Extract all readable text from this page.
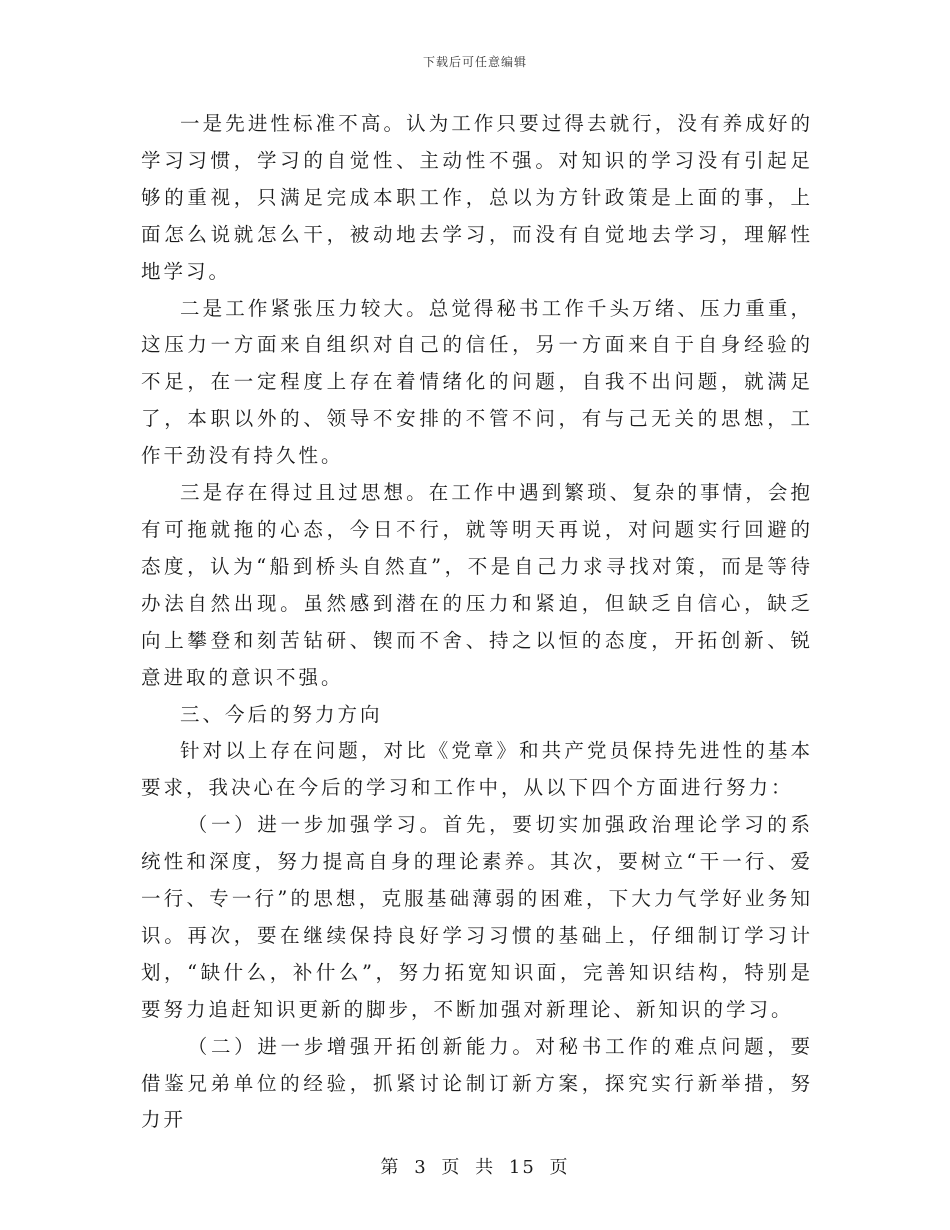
下载后可任意编辑

一是先进性标准不高。认为工作只要过得去就行，没有养成好的学习习惯，学习的自觉性、主动性不强。对知识的学习没有引起足够的重视，只满足完成本职工作，总以为方针政策是上面的事，上面怎么说就怎么干，被动地去学习，而没有自觉地去学习，理解性地学习。

二是工作紧张压力较大。总觉得秘书工作千头万绪、压力重重，这压力一方面来自组织对自己的信任，另一方面来自于自身经验的不足，在一定程度上存在着情绪化的问题，自我不出问题，就满足了，本职以外的、领导不安排的不管不问，有与己无关的思想，工作干劲没有持久性。

三是存在得过且过思想。在工作中遇到繁琐、复杂的事情，会抱有可拖就拖的心态，今日不行，就等明天再说，对问题实行回避的态度，认为“船到桥头自然直”，不是自己力求寻找对策，而是等待办法自然出现。虽然感到潜在的压力和紧迫，但缺乏自信心，缺乏向上攀登和刻苦钻研、锲而不舍、持之以恒的态度，开拓创新、锐意进取的意识不强。

三、今后的努力方向

针对以上存在问题，对比《党章》和共产党员保持先进性的基本要求，我决心在今后的学习和工作中，从以下四个方面进行努力：

（一）进一步加强学习。首先，要切实加强政治理论学习的系统性和深度，努力提高自身的理论素养。其次，要树立“干一行、爱一行、专一行”的思想，克服基础薄弱的困难，下大力气学好业务知识。再次，要在继续保持良好学习习惯的基础上，仔细制订学习计划，“缺什么，补什么”，努力拓宽知识面，完善知识结构，特别是要努力追赶知识更新的脚步，不断加强对新理论、新知识的学习。

（二）进一步增强开拓创新能力。对秘书工作的难点问题，要借鉴兄弟单位的经验，抓紧讨论制订新方案，探究实行新举措，努力开

第 3 页 共 15 页
